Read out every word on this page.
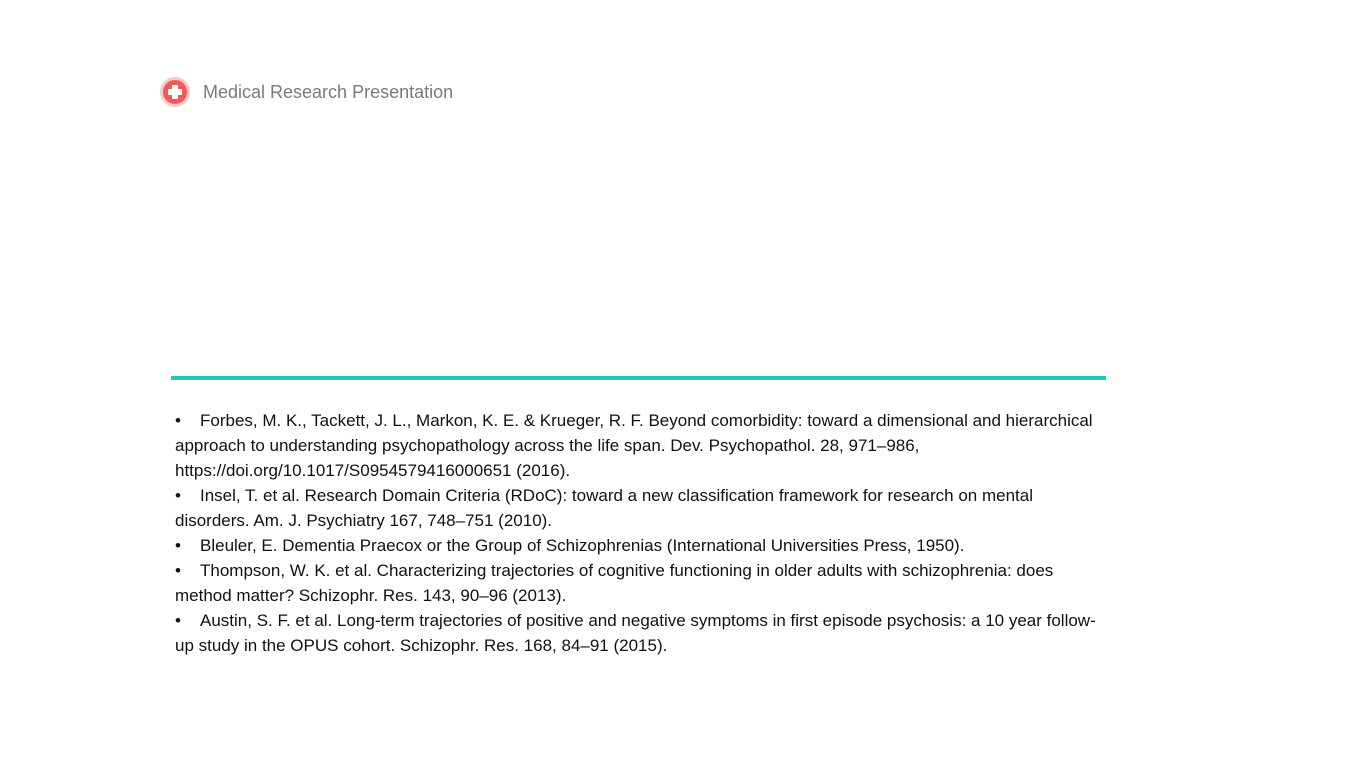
Medical Research Presentation
• Forbes, M. K., Tackett, J. L., Markon, K. E. & Krueger, R. F. Beyond comorbidity: toward a dimensional and hierarchical approach to understanding psychopathology across the life span. Dev. Psychopathol. 28, 971–986, https://doi.org/10.1017/S0954579416000651 (2016).
• Insel, T. et al. Research Domain Criteria (RDoC): toward a new classification framework for research on mental disorders. Am. J. Psychiatry 167, 748–751 (2010).
• Bleuler, E. Dementia Praecox or the Group of Schizophrenias (International Universities Press, 1950).
• Thompson, W. K. et al. Characterizing trajectories of cognitive functioning in older adults with schizophrenia: does method matter? Schizophr. Res. 143, 90–96 (2013).
• Austin, S. F. et al. Long-term trajectories of positive and negative symptoms in first episode psychosis: a 10 year follow-up study in the OPUS cohort. Schizophr. Res. 168, 84–91 (2015).
